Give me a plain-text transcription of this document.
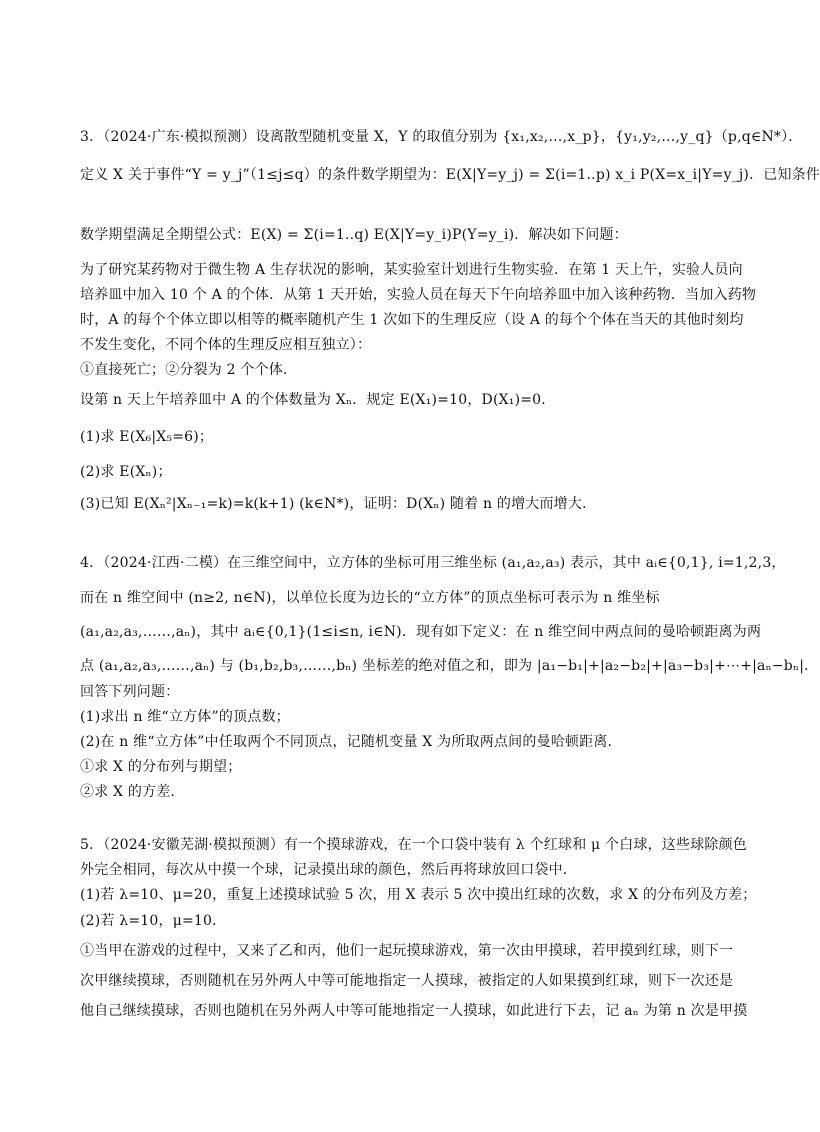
3．（2024·广东·模拟预测）设离散型随机变量 X，Y 的取值分别为 {x₁,x₂,…,x_p}，{y₁,y₂,…,y_q}（p,q∈N*）．
定义 X 关于事件“Y = y_j”（1≤j≤q）的条件数学期望为：E(X|Y=y_j) = Σ(i=1..p) x_i P(X=x_i|Y=y_j)．已知条件
数学期望满足全期望公式：E(X) = Σ(i=1..q) E(X|Y=y_i)P(Y=y_i)．解决如下问题：
为了研究某药物对于微生物 A 生存状况的影响，某实验室计划进行生物实验．在第 1 天上午，实验人员向
培养皿中加入 10 个 A 的个体．从第 1 天开始，实验人员在每天下午向培养皿中加入该种药物．当加入药物
时，A 的每个个体立即以相等的概率随机产生 1 次如下的生理反应（设 A 的每个个体在当天的其他时刻均
不发生变化，不同个体的生理反应相互独立）：
①直接死亡；②分裂为 2 个个体．
设第 n 天上午培养皿中 A 的个体数量为 Xₙ．规定 E(X₁)=10，D(X₁)=0．
(1)求 E(X₆|X₅=6)；
(2)求 E(Xₙ)；
(3)已知 E(Xₙ²|Xₙ₋₁=k)=k(k+1) (k∈N*)，证明：D(Xₙ) 随着 n 的增大而增大．
4．（2024·江西·二模）在三维空间中，立方体的坐标可用三维坐标 (a₁,a₂,a₃) 表示，其中 aᵢ∈{0,1}, i=1,2,3，
而在 n 维空间中 (n≥2, n∈N)，以单位长度为边长的“立方体”的顶点坐标可表示为 n 维坐标
(a₁,a₂,a₃,……,aₙ)，其中 aᵢ∈{0,1}(1≤i≤n, i∈N)．现有如下定义：在 n 维空间中两点间的曼哈顿距离为两
点 (a₁,a₂,a₃,……,aₙ) 与 (b₁,b₂,b₃,……,bₙ) 坐标差的绝对值之和，即为 |a₁−b₁|+|a₂−b₂|+|a₃−b₃|+⋯+|aₙ−bₙ|．
回答下列问题：
(1)求出 n 维“立方体”的顶点数；
(2)在 n 维“立方体”中任取两个不同顶点，记随机变量 X 为所取两点间的曼哈顿距离．
①求 X 的分布列与期望；
②求 X 的方差．
5．（2024·安徽芜湖·模拟预测）有一个摸球游戏，在一个口袋中装有 λ 个红球和 μ 个白球，这些球除颜色
外完全相同，每次从中摸一个球，记录摸出球的颜色，然后再将球放回口袋中．
(1)若 λ=10、μ=20，重复上述摸球试验 5 次，用 X 表示 5 次中摸出红球的次数，求 X 的分布列及方差；
(2)若 λ=10，μ=10．
①当甲在游戏的过程中，又来了乙和丙，他们一起玩摸球游戏，第一次由甲摸球，若甲摸到红球，则下一
次甲继续摸球，否则随机在另外两人中等可能地指定一人摸球，被指定的人如果摸到红球，则下一次还是
他自己继续摸球，否则也随机在另外两人中等可能地指定一人摸球，如此进行下去，记 aₙ 为第 n 次是甲摸
